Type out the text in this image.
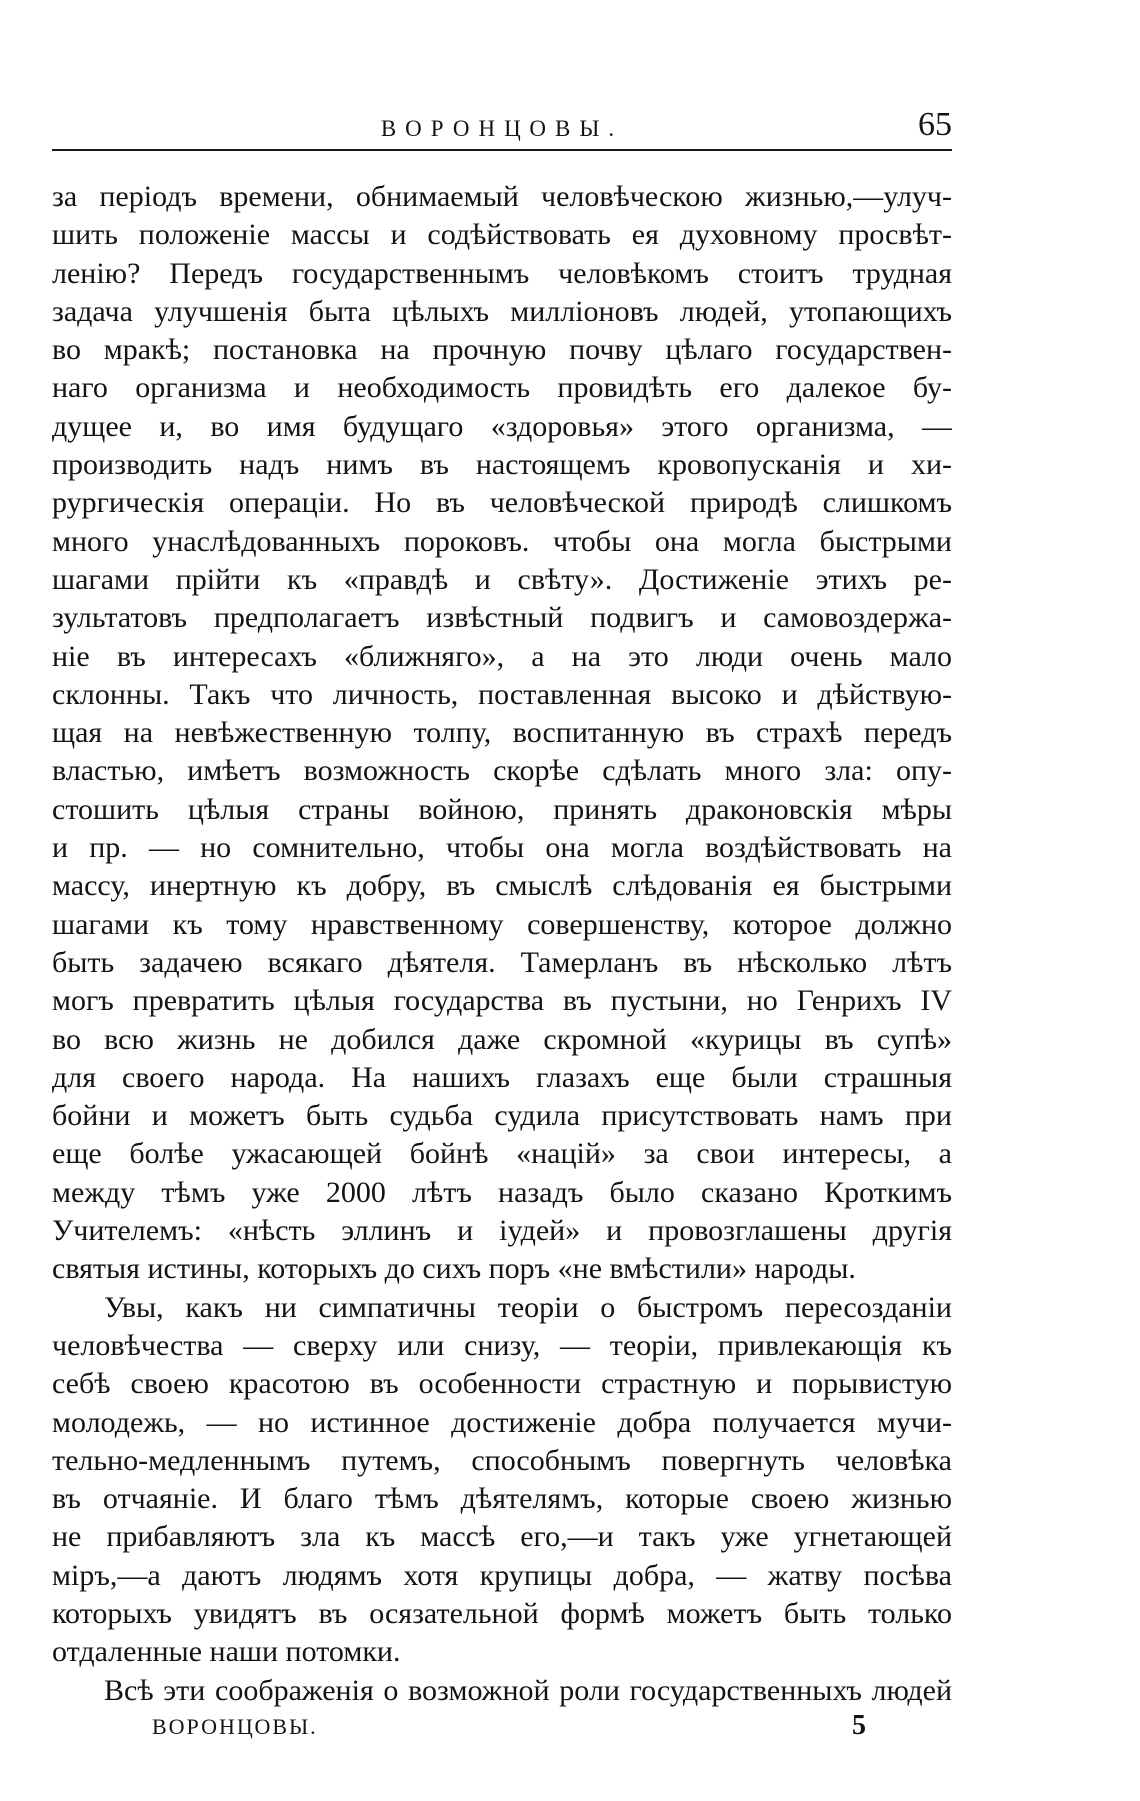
ВОРОНЦОВЫ.	65
за періодъ времени, обнимаемый человѣческою жизнью,—улуч-
шить положеніе массы и содѣйствовать ея духовному просвѣт-
ленію? Передъ государственнымъ человѣкомъ стоитъ трудная
задача улучшенія быта цѣлыхъ милліоновъ людей, утопающихъ
во мракѣ; постановка на прочную почву цѣлаго государствен-
наго организма и необходимость провидѣть его далекое бу-
дущее и, во имя будущаго «здоровья» этого организма, —
производить надъ нимъ въ настоящемъ кровопусканія и хи-
рургическія операціи. Но въ человѣческой природѣ слишкомъ
много унаслѣдованныхъ пороковъ. чтобы она могла быстрыми
шагами прійти къ «правдѣ и свѣту». Достиженіе этихъ ре-
зультатовъ предполагаетъ извѣстный подвигъ и самовоздержа-
ніе въ интересахъ «ближняго», а на это люди очень мало
склонны. Такъ что личность, поставленная высоко и дѣйствую-
щая на невѣжественную толпу, воспитанную въ страхѣ передъ
властью, имѣетъ возможность скорѣе сдѣлать много зла: опу-
стошить цѣлыя страны войною, принять драконовскія мѣры
и пр. — но сомнительно, чтобы она могла воздѣйствовать на
массу, инертную къ добру, въ смыслѣ слѣдованія ея быстрыми
шагами къ тому нравственному совершенству, которое должно
быть задачею всякаго дѣятеля. Тамерланъ въ нѣсколько лѣтъ
могъ превратить цѣлыя государства въ пустыни, но Генрихъ IV
во всю жизнь не добился даже скромной «курицы въ супѣ»
для своего народа. На нашихъ глазахъ еще были страшныя
бойни и можетъ быть судьба судила присутствовать намъ при
еще болѣе ужасающей бойнѣ «націй» за свои интересы, а
между тѣмъ уже 2000 лѣтъ назадъ было сказано Кроткимъ
Учителемъ: «нѣсть эллинъ и іудей» и провозглашены другія
святыя истины, которыхъ до сихъ поръ «не вмѣстили» народы.
Увы, какъ ни симпатичны теоріи о быстромъ пересозданіи
человѣчества — сверху или снизу, — теоріи, привлекающія къ
себѣ своею красотою въ особенности страстную и порывистую
молодежь, — но истинное достиженіе добра получается мучи-
тельно-медленнымъ путемъ, способнымъ повергнуть человѣка
въ отчаяніе. И благо тѣмъ дѣятелямъ, которые своею жизнью
не прибавляютъ зла къ массѣ его,—и такъ уже угнетающей
міръ,—а даютъ людямъ хотя крупицы добра, — жатву посѣва
которыхъ увидятъ въ осязательной формѣ можетъ быть только
отдаленные наши потомки.
Всѣ эти соображенія о возможной роли государственныхъ людей
ВОРОНЦОВЫ.	5
